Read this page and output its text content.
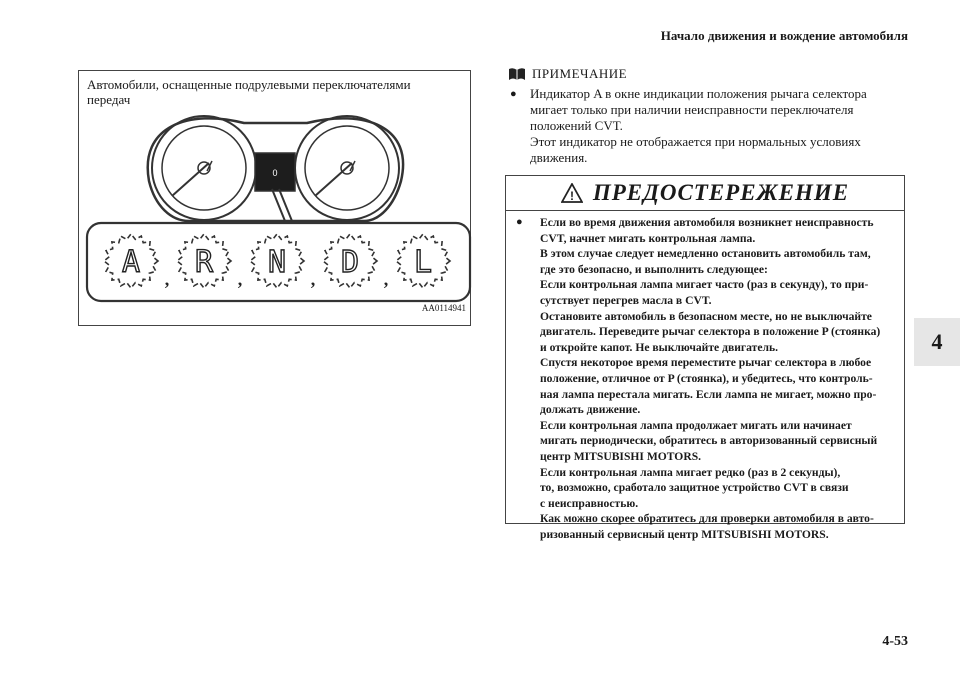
Начало движения и вождение автомобиля
Автомобили, оснащенные подрулевыми переключателями передач
0
A , R , N , D , L
AA0114941
ПРИМЕЧАНИЕ
●	Индикатор A в окне индикации положения рычага селектора
мигает только при наличии неисправности переключателя
положений CVT.
Этот индикатор не отображается при нормальных условиях
движения.
! ПРЕДОСТЕРЕЖЕНИЕ
●	Если во время движения автомобиля возникнет неисправность
CVT, начнет мигать контрольная лампа.
В этом случае следует немедленно остановить автомобиль там,
где это безопасно, и выполнить следующее:
Если контрольная лампа мигает часто (раз в секунду), то при-
сутствует перегрев масла в CVT.
Остановите автомобиль в безопасном месте, но не выключайте
двигатель. Переведите рычаг селектора в положение P (стоянка)
и откройте капот. Не выключайте двигатель.
Спустя некоторое время переместите рычаг селектора в любое
положение, отличное от P (стоянка), и убедитесь, что контроль-
ная лампа перестала мигать. Если лампа не мигает, можно про-
должать движение.
Если контрольная лампа продолжает мигать или начинает
мигать периодически, обратитесь в авторизованный сервисный
центр MITSUBISHI MOTORS.
Если контрольная лампа мигает редко (раз в 2 секунды),
то, возможно, сработало защитное устройство CVT в связи
с неисправностью.
Как можно скорее обратитесь для проверки автомобиля в авто-
ризованный сервисный центр MITSUBISHI MOTORS.
4
4-53
